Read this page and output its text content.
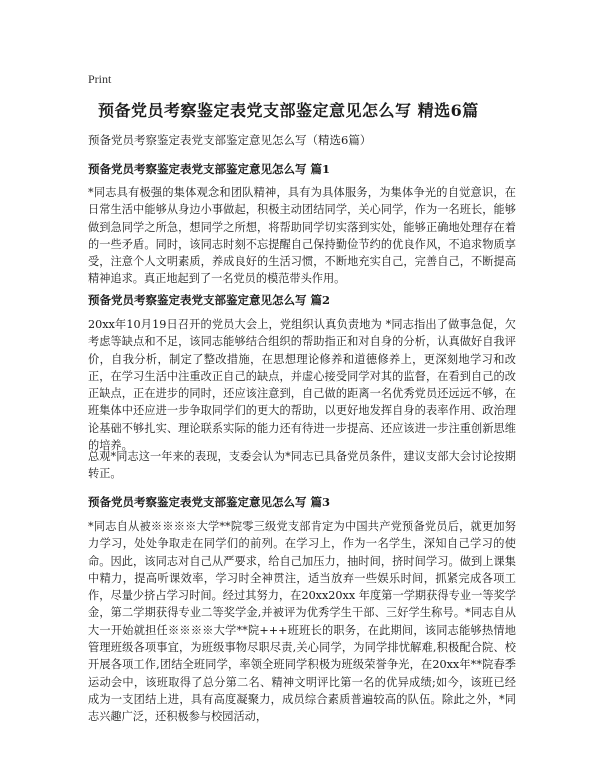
Print
预备党员考察鉴定表党支部鉴定意见怎么写 精选6篇

预备党员考察鉴定表党支部鉴定意见怎么写（精选6篇）

预备党员考察鉴定表党支部鉴定意见怎么写 篇1

*同志具有极强的集体观念和团队精神，具有为具体服务，为集体争光的自觉意识，在日常生活中能够从身边小事做起，积极主动团结同学，关心同学，作为一名班长，能够做到急同学之所急，想同学之所想，将帮助同学切实落到实处，能够正确地处理存在着的一些矛盾。同时，该同志时刻不忘提醒自己保持勤俭节约的优良作风，不追求物质享受，注意个人文明素质，养成良好的生活习惯，不断地充实自己，完善自己，不断提高精神追求。真正地起到了一名党员的模范带头作用。

预备党员考察鉴定表党支部鉴定意见怎么写 篇2

20xx年10月19日召开的党员大会上，党组织认真负责地为 *同志指出了做事急促，欠考虑等缺点和不足，该同志能够结合组织的帮助指正和对自身的分析，认真做好自我评价，自我分析，制定了整改措施，在思想理论修养和道德修养上，更深刻地学习和改正，在学习生活中注重改正自己的缺点，并虚心接受同学对其的监督，在看到自己的改正缺点，正在进步的同时，还应该注意到，自己做的距离一名优秀党员还远远不够，在班集体中还应进一步争取同学们的更大的帮助，以更好地发挥自身的表率作用、政治理论基础不够扎实、理论联系实际的能力还有待进一步提高、还应该进一步注重创新思维的培养。

总观*同志这一年来的表现，支委会认为*同志已具备党员条件，建议支部大会讨论按期转正。

预备党员考察鉴定表党支部鉴定意见怎么写 篇3

*同志自从被※※※※大学**院零三级党支部肯定为中国共产党预备党员后，就更加努力学习，处处争取走在同学们的前列。在学习上，作为一名学生，深知自己学习的使命。因此，该同志对自己从严要求，给自己加压力，抽时间，挤时间学习。做到上课集中精力，提高听课效率，学习时全神贯注，适当放弃一些娱乐时间，抓紧完成各项工作，尽量少挤占学习时间。经过其努力，在20xx20xx 年度第一学期获得专业一等奖学金，第二学期获得专业二等奖学金,并被评为优秀学生干部、三好学生称号。*同志自从大一开始就担任※※※※大学**院+++班班长的职务，在此期间，该同志能够热情地管理班级各项事宜，为班级事物尽职尽责,关心同学，为同学排忧解难,积极配合院、校开展各项工作,团结全班同学，率领全班同学积极为班级荣誉争光，在20xx年**院春季运动会中，该班取得了总分第二名、精神文明评比第一名的优异成绩;如今，该班已经成为一支团结上进，具有高度凝聚力，成员综合素质普遍较高的队伍。除此之外，*同志兴趣广泛，还积极参与校园活动，
